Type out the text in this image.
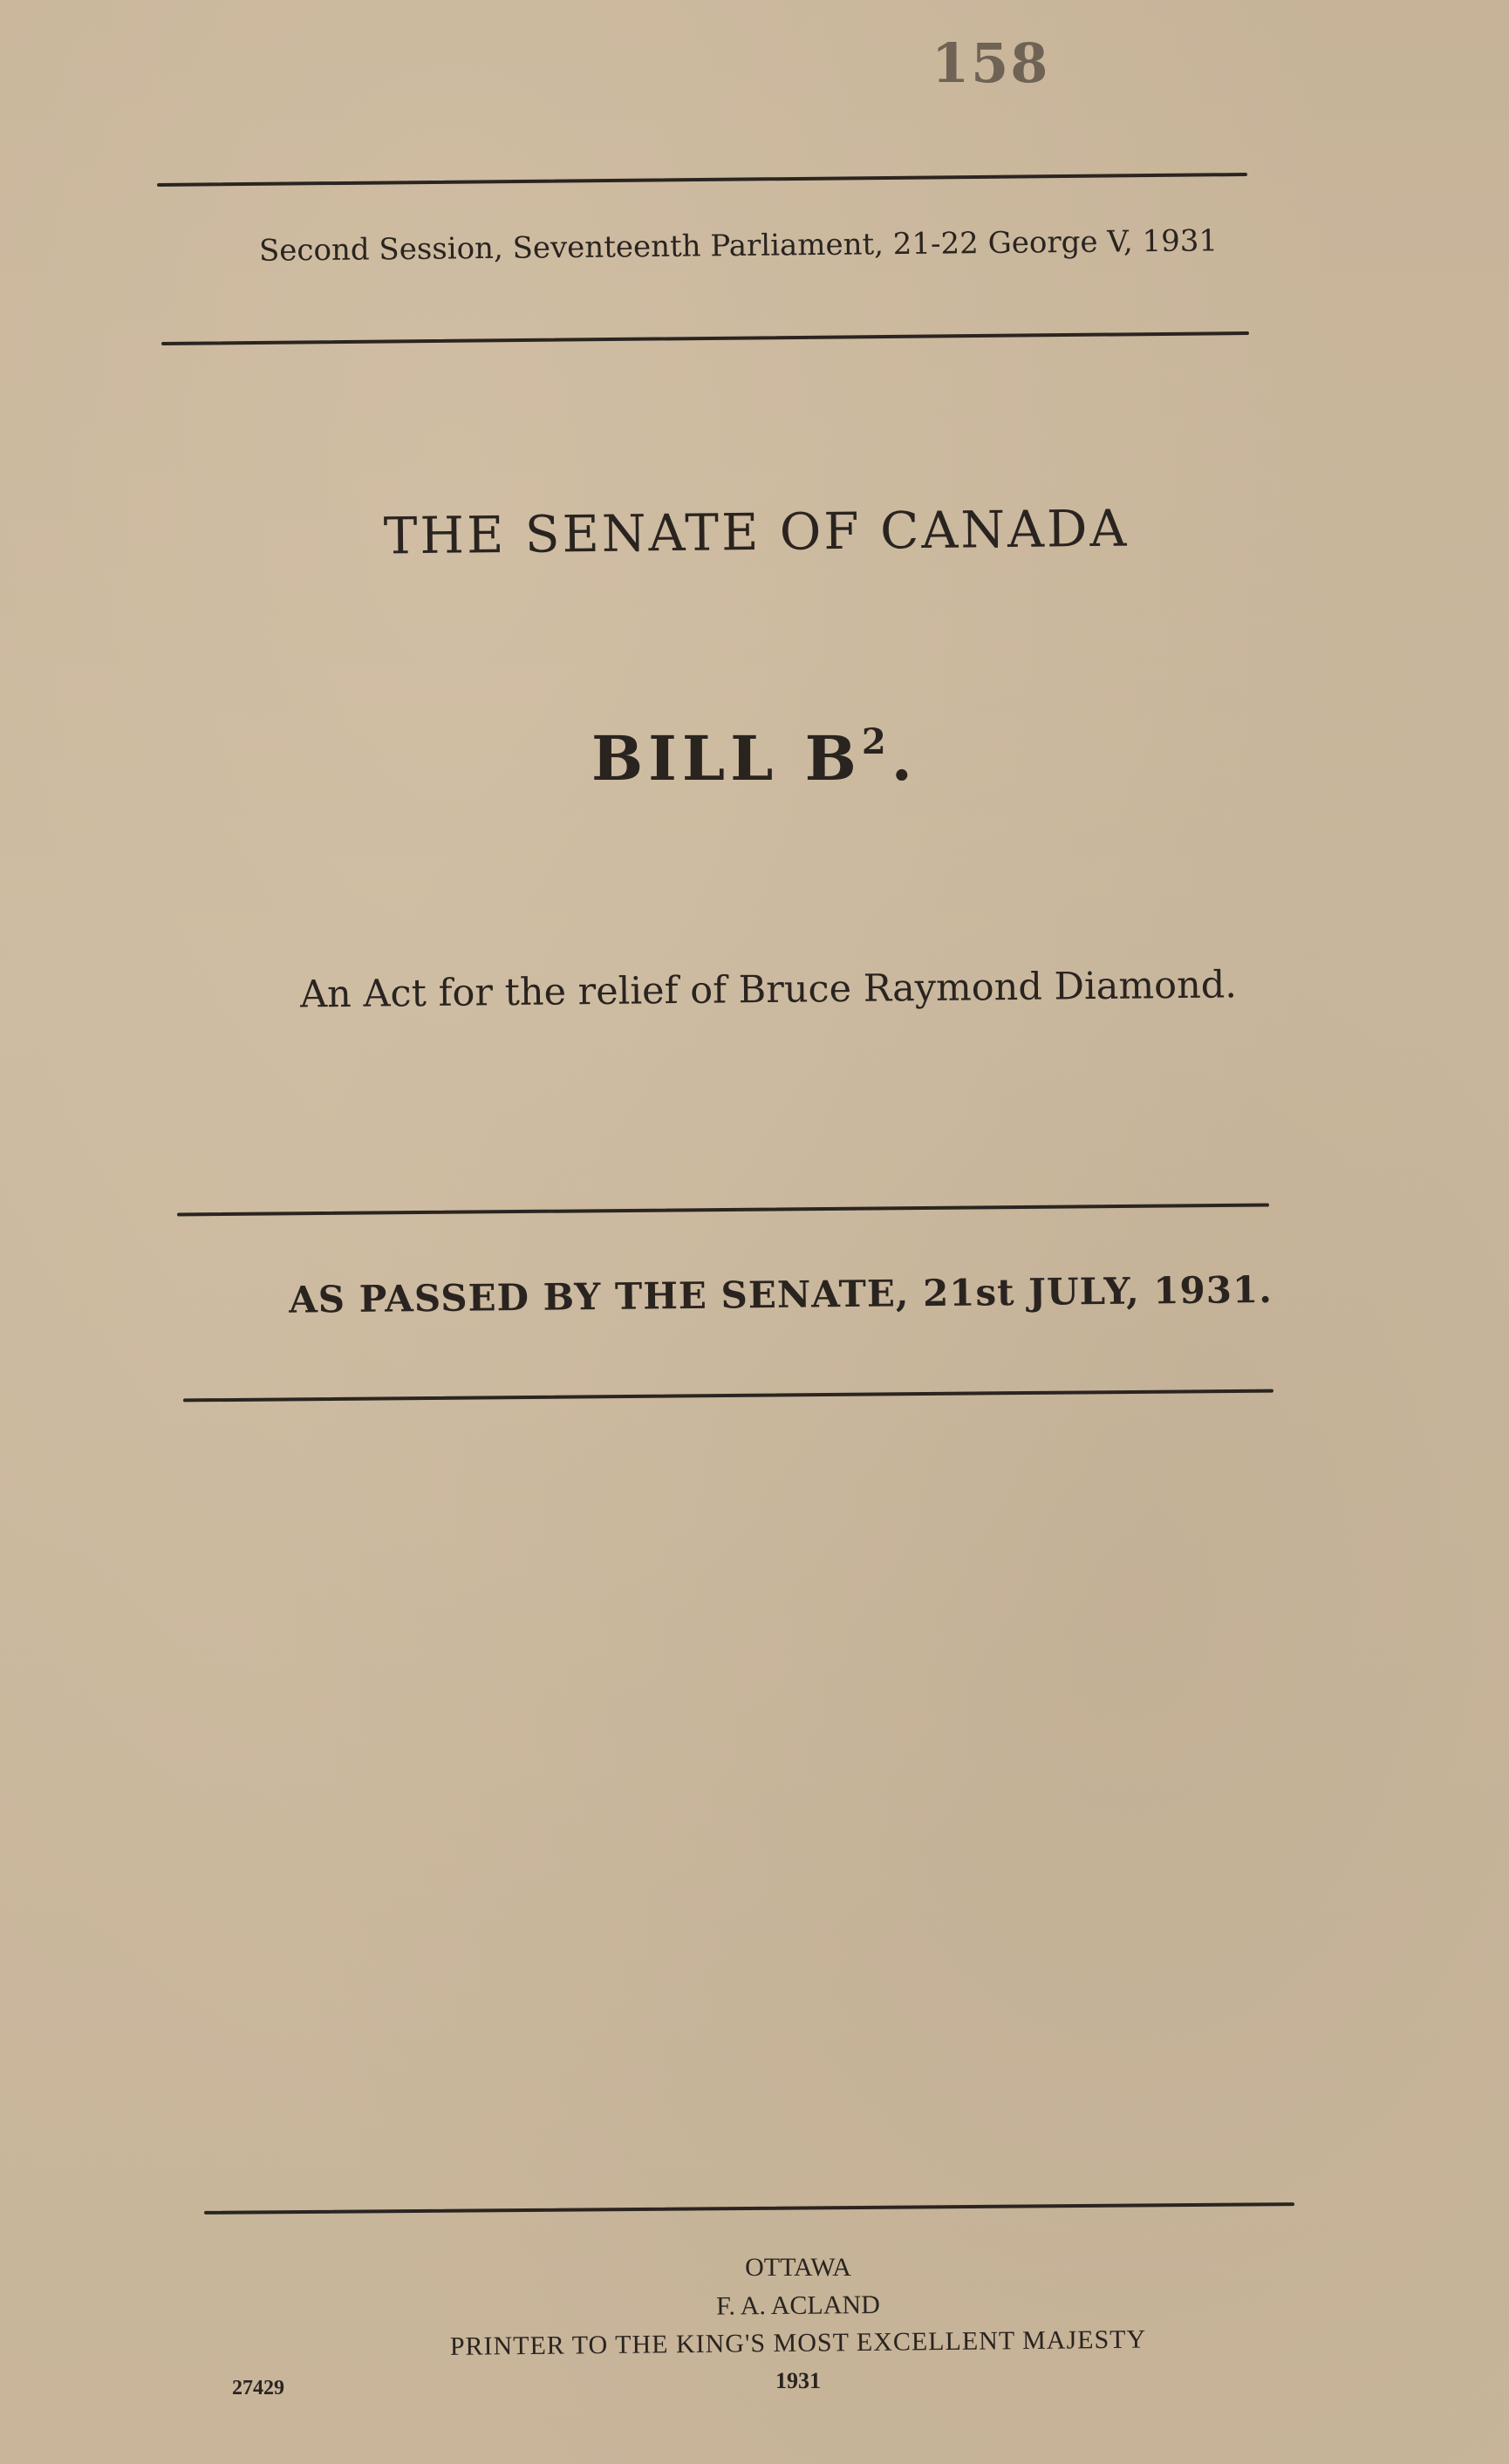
158
Second Session, Seventeenth Parliament, 21-22 George V, 1931
THE SENATE OF CANADA
BILL $B^2$.
An Act for the relief of Bruce Raymond Diamond.
AS PASSED BY THE SENATE, 21st JULY, 1931.
OTTAWA
F. A. ACLAND
PRINTER TO THE KING'S MOST EXCELLENT MAJESTY
1931
27429
